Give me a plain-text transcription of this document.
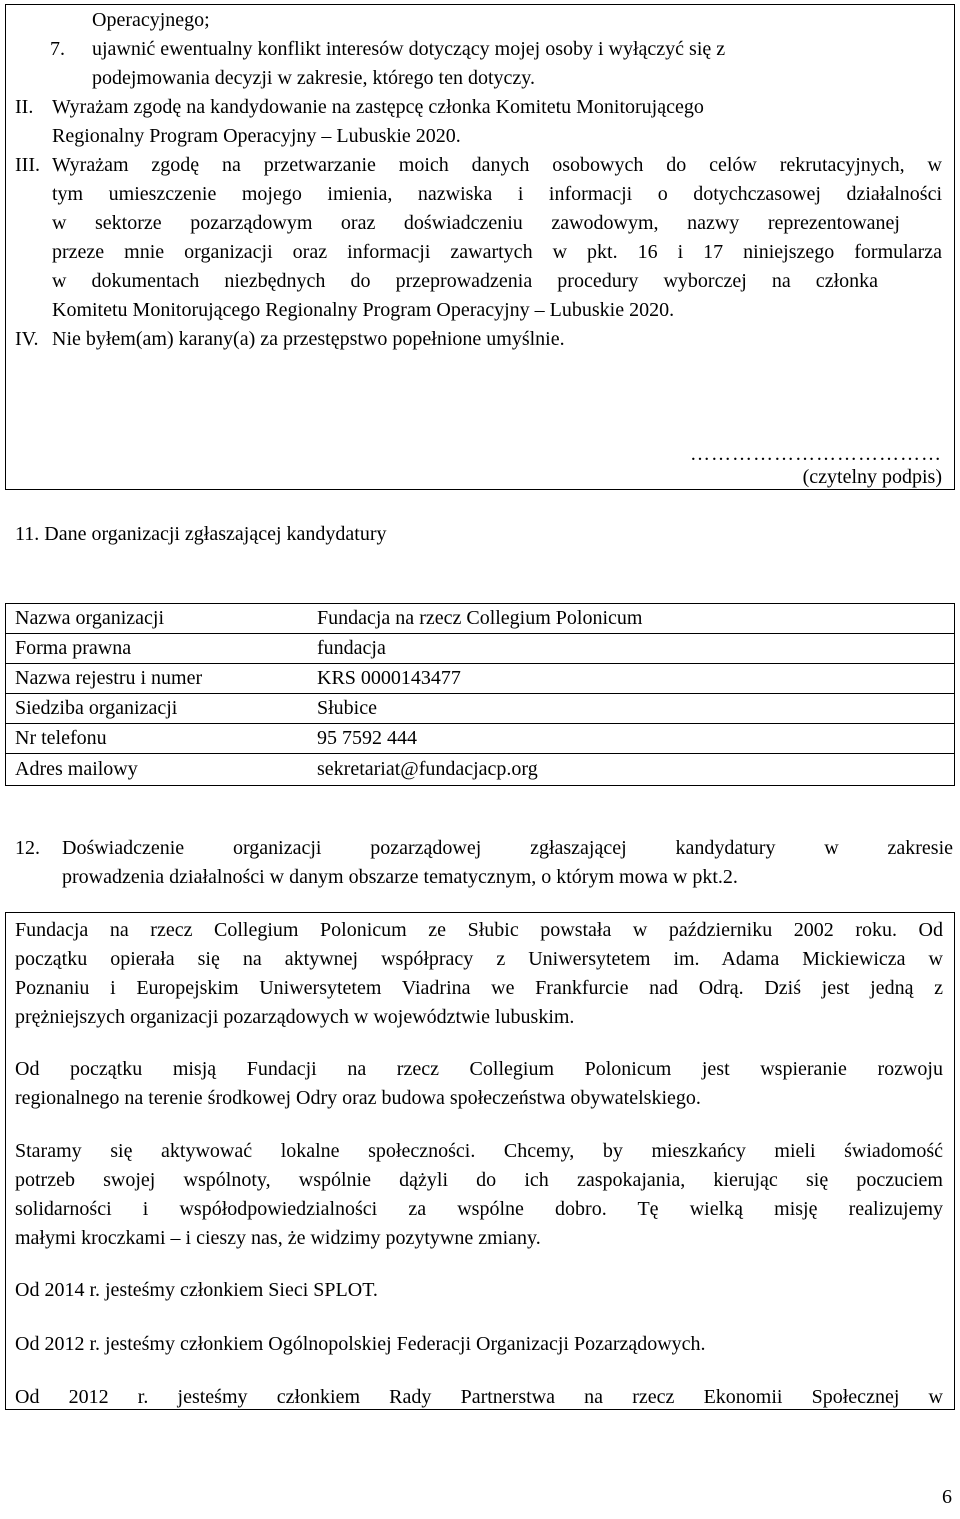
Operacyjnego;
7. ujawnić ewentualny konflikt interesów dotyczący mojej osoby i wyłączyć się z
podejmowania decyzji w zakresie, którego ten dotyczy.
II. Wyrażam zgodę na kandydowanie na zastępcę członka Komitetu Monitorującego
Regionalny Program Operacyjny – Lubuskie 2020.
III. Wyrażam zgodę na przetwarzanie moich danych osobowych do celów rekrutacyjnych, w
tym umieszczenie mojego imienia, nazwiska i informacji o dotychczasowej działalności
w sektorze pozarządowym oraz doświadczeniu zawodowym, nazwy reprezentowanej
przeze mnie organizacji oraz informacji zawartych w pkt. 16 i 17 niniejszego formularza
w dokumentach niezbędnych do przeprowadzenia procedury wyborczej na członka
Komitetu Monitorującego Regionalny Program Operacyjny – Lubuskie 2020.
IV. Nie byłem(am) karany(a) za przestępstwo popełnione umyślnie.
………………………………
(czytelny podpis)
11. Dane organizacji zgłaszającej kandydatury
Nazwa organizacji	Fundacja na rzecz Collegium Polonicum
Forma prawna	fundacja
Nazwa rejestru i numer	KRS 0000143477
Siedziba organizacji	Słubice
Nr telefonu	95 7592 444
Adres mailowy	sekretariat@fundacjacp.org
12. Doświadczenie organizacji pozarządowej zgłaszającej kandydatury w zakresie
prowadzenia działalności w danym obszarze tematycznym, o którym mowa w pkt.2.
Fundacja na rzecz Collegium Polonicum ze Słubic powstała w październiku 2002 roku. Od
początku opierała się na aktywnej współpracy z Uniwersytetem im. Adama Mickiewicza w
Poznaniu i Europejskim Uniwersytetem Viadrina we Frankfurcie nad Odrą. Dziś jest jedną z
prężniejszych organizacji pozarządowych w województwie lubuskim.
Od początku misją Fundacji na rzecz Collegium Polonicum jest wspieranie rozwoju
regionalnego na terenie środkowej Odry oraz budowa społeczeństwa obywatelskiego.
Staramy się aktywować lokalne społeczności. Chcemy, by mieszkańcy mieli świadomość
potrzeb swojej wspólnoty, wspólnie dążyli do ich zaspokajania, kierując się poczuciem
solidarności i współodpowiedzialności za wspólne dobro. Tę wielką misję realizujemy
małymi kroczkami – i cieszy nas, że widzimy pozytywne zmiany.
Od 2014 r. jesteśmy członkiem Sieci SPLOT.
Od 2012 r. jesteśmy członkiem Ogólnopolskiej Federacji Organizacji Pozarządowych.
Od 2012 r. jesteśmy członkiem Rady Partnerstwa na rzecz Ekonomii Społecznej w
6
